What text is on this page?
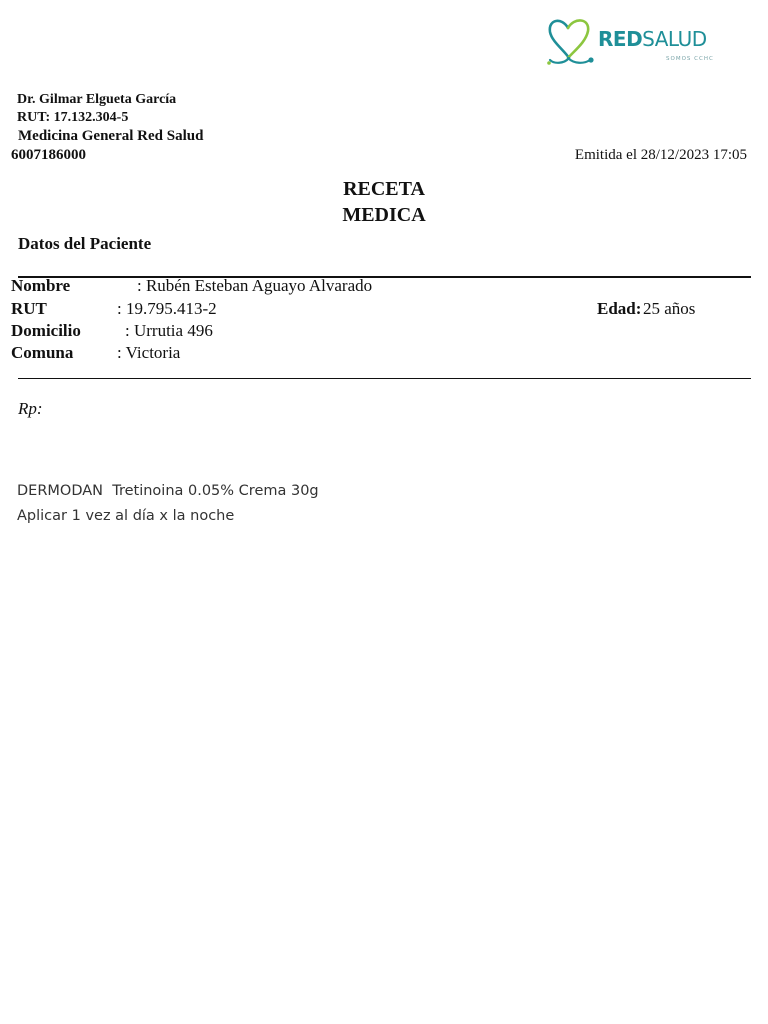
REDSALUD
SOMOS CCHC
Dr. Gilmar Elgueta García
RUT: 17.132.304-5
Medicina General Red Salud
6007186000	Emitida el 28/12/2023 17:05
RECETA
MEDICA
Datos del Paciente
Nombre	: Rubén Esteban Aguayo Alvarado
RUT	: 19.795.413-2	Edad: 25 años
Domicilio	: Urrutia 496
Comuna	: Victoria
Rp:
DERMODAN  Tretinoina 0.05% Crema 30g
Aplicar 1 vez al día x la noche
